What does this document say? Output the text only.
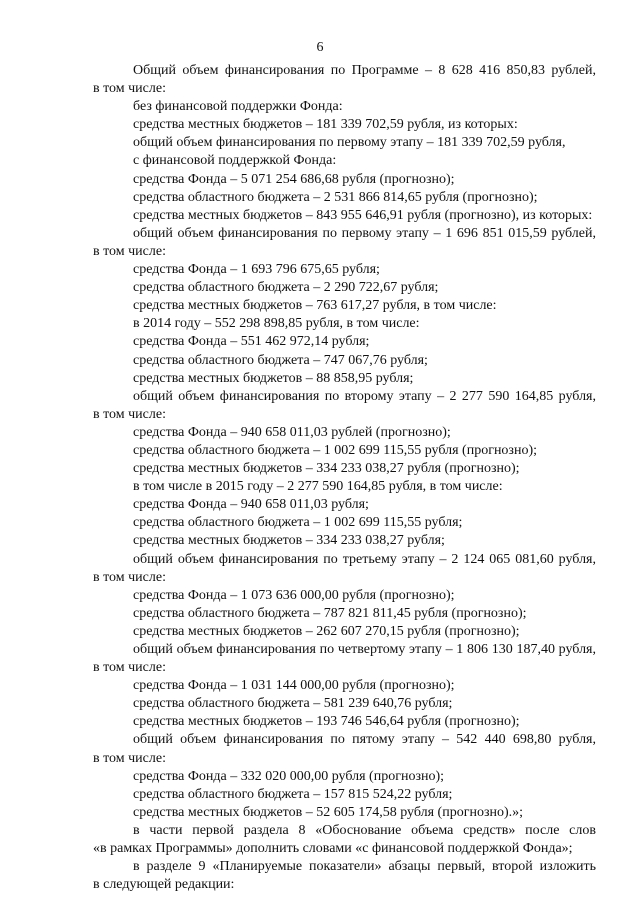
6
Общий объем финансирования по Программе – 8 628 416 850,83 рублей,
в том числе:
без финансовой поддержки Фонда:
средства местных бюджетов – 181 339 702,59 рубля, из которых:
общий объем финансирования по первому этапу – 181 339 702,59 рубля,
с финансовой поддержкой Фонда:
средства Фонда – 5 071 254 686,68 рубля (прогнозно);
средства областного бюджета – 2 531 866 814,65 рубля (прогнозно);
средства местных бюджетов – 843 955 646,91 рубля (прогнозно), из которых:
общий объем финансирования по первому этапу – 1 696 851 015,59 рублей,
в том числе:
средства Фонда – 1 693 796 675,65 рубля;
средства областного бюджета – 2 290 722,67 рубля;
средства местных бюджетов – 763 617,27 рубля, в том числе:
в 2014 году – 552 298 898,85 рубля, в том числе:
средства Фонда – 551 462 972,14 рубля;
средства областного бюджета – 747 067,76 рубля;
средства местных бюджетов – 88 858,95 рубля;
общий объем финансирования по второму этапу – 2 277 590 164,85 рубля,
в том числе:
средства Фонда – 940 658 011,03 рублей (прогнозно);
средства областного бюджета – 1 002 699 115,55 рубля (прогнозно);
средства местных бюджетов – 334 233 038,27 рубля (прогнозно);
в том числе в 2015 году – 2 277 590 164,85 рубля, в том числе:
средства Фонда – 940 658 011,03 рубля;
средства областного бюджета – 1 002 699 115,55 рубля;
средства местных бюджетов – 334 233 038,27 рубля;
общий объем финансирования по третьему этапу – 2 124 065 081,60 рубля,
в том числе:
средства Фонда – 1 073 636 000,00 рубля (прогнозно);
средства областного бюджета – 787 821 811,45 рубля (прогнозно);
средства местных бюджетов – 262 607 270,15 рубля (прогнозно);
общий объем финансирования по четвертому этапу – 1 806 130 187,40 рубля,
в том числе:
средства Фонда – 1 031 144 000,00 рубля (прогнозно);
средства областного бюджета – 581 239 640,76 рубля;
средства местных бюджетов – 193 746 546,64 рубля (прогнозно);
общий объем финансирования по пятому этапу – 542 440 698,80 рубля,
в том числе:
средства Фонда – 332 020 000,00 рубля (прогнозно);
средства областного бюджета – 157 815 524,22 рубля;
средства местных бюджетов – 52 605 174,58 рубля (прогнозно).»;
в части первой раздела 8 «Обоснование объема средств» после слов
«в рамках Программы» дополнить словами «с финансовой поддержкой Фонда»;
в разделе 9 «Планируемые показатели» абзацы первый, второй изложить
в следующей редакции:
